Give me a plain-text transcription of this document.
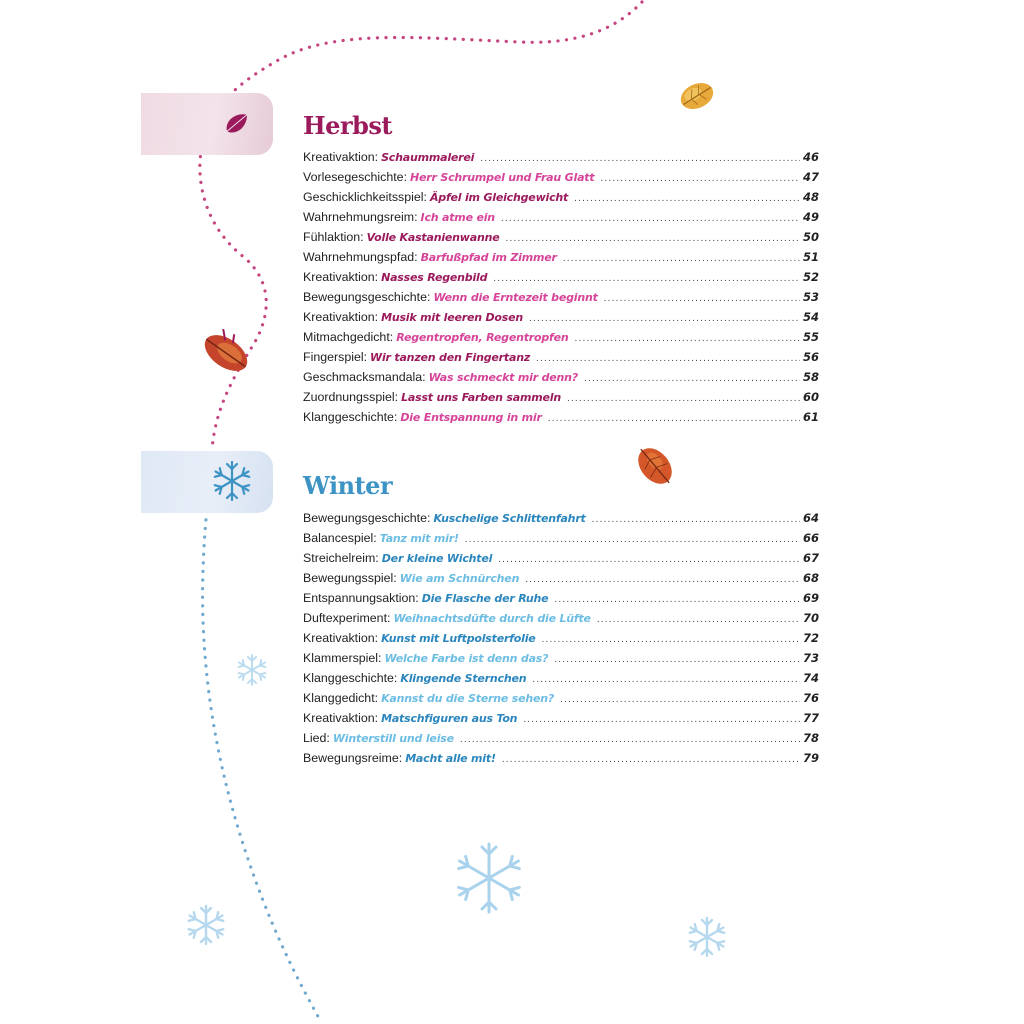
Herbst
Kreativaktion: Schaummalerei .....	46
Vorlesegeschichte: Herr Schrumpel und Frau Glatt .....	47
Geschicklichkeitsspiel: Äpfel im Gleichgewicht .....	48
Wahrnehmungsreim: Ich atme ein .....	49
Fühlaktion: Volle Kastanienwanne .....	50
Wahrnehmungspfad: Barfußpfad im Zimmer .....	51
Kreativaktion: Nasses Regenbild .....	52
Bewegungsgeschichte: Wenn die Erntezeit beginnt .....	53
Kreativaktion: Musik mit leeren Dosen .....	54
Mitmachgedicht: Regentropfen, Regentropfen .....	55
Fingerspiel: Wir tanzen den Fingertanz .....	56
Geschmacksmandala: Was schmeckt mir denn? .....	58
Zuordnungsspiel: Lasst uns Farben sammeln .....	60
Klanggeschichte: Die Entspannung in mir .....	61
Winter
Bewegungsgeschichte: Kuschelige Schlittenfahrt .....	64
Balancespiel: Tanz mit mir! .....	66
Streichelreim: Der kleine Wichtel .....	67
Bewegungsspiel: Wie am Schnürchen .....	68
Entspannungsaktion: Die Flasche der Ruhe .....	69
Duftexperiment: Weihnachtsdüfte durch die Lüfte .....	70
Kreativaktion: Kunst mit Luftpolsterfolie .....	72
Klammerspiel: Welche Farbe ist denn das? .....	73
Klanggeschichte: Klingende Sternchen .....	74
Klanggedicht: Kannst du die Sterne sehen? .....	76
Kreativaktion: Matschfiguren aus Ton .....	77
Lied: Winterstill und leise .....	78
Bewegungsreime: Macht alle mit! .....	79
